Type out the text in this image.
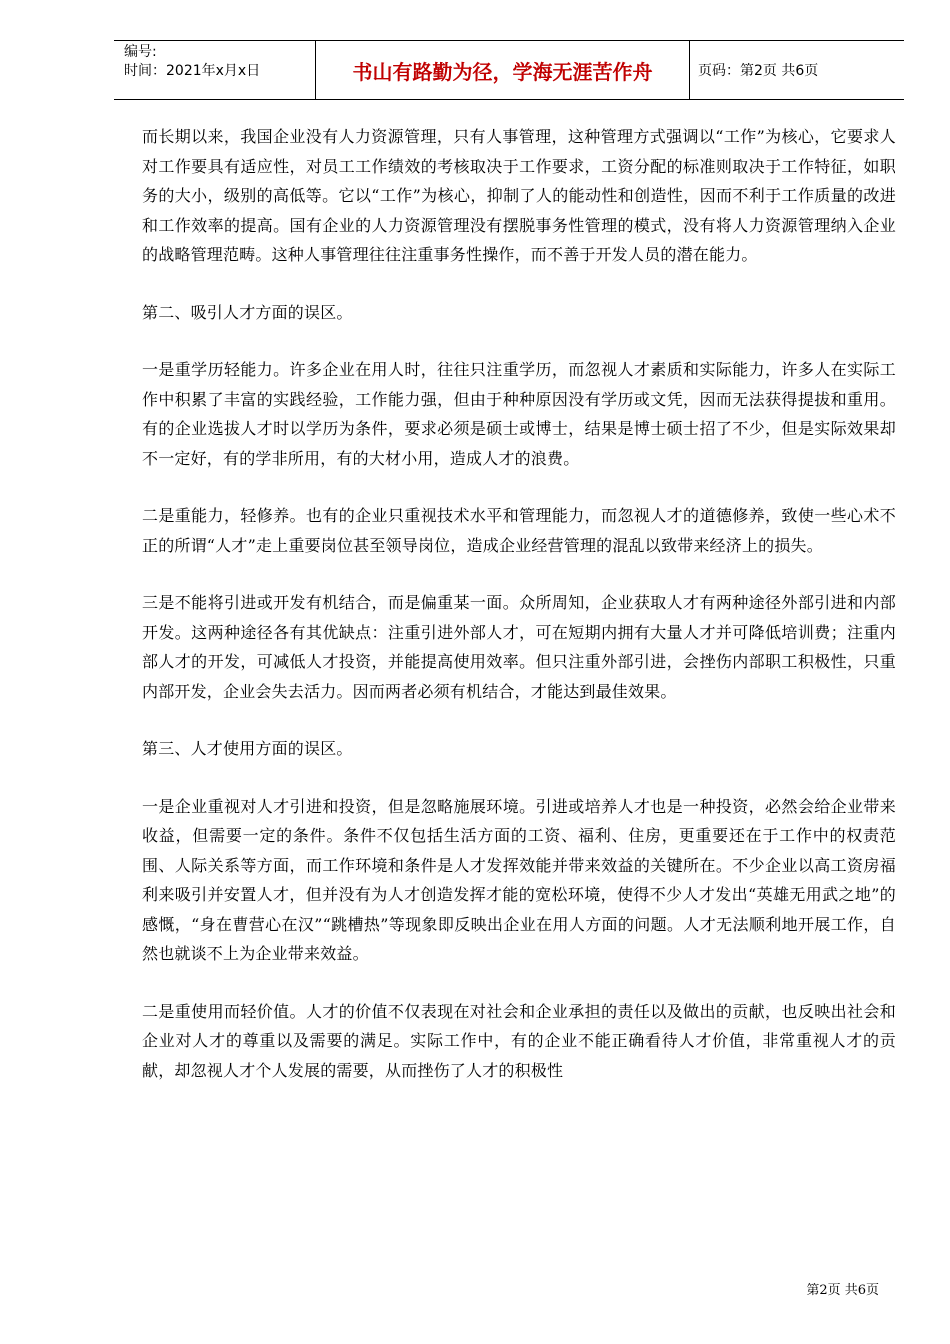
编号:
时间：2021年x月x日	书山有路勤为径，学海无涯苦作舟	页码：第2页 共6页

而长期以来，我国企业没有人力资源管理，只有人事管理，这种管理方式强调以“工作”为核心，它要求人对工作要具有适应性，对员工工作绩效的考核取决于工作要求，工资分配的标准则取决于工作特征，如职务的大小，级别的高低等。它以“工作”为核心，抑制了人的能动性和创造性，因而不利于工作质量的改进和工作效率的提高。国有企业的人力资源管理没有摆脱事务性管理的模式，没有将人力资源管理纳入企业的战略管理范畴。这种人事管理往往注重事务性操作，而不善于开发人员的潜在能力。

第二、吸引人才方面的误区。

一是重学历轻能力。许多企业在用人时，往往只注重学历，而忽视人才素质和实际能力，许多人在实际工作中积累了丰富的实践经验，工作能力强，但由于种种原因没有学历或文凭，因而无法获得提拔和重用。有的企业选拔人才时以学历为条件，要求必须是硕士或博士，结果是博士硕士招了不少，但是实际效果却不一定好，有的学非所用，有的大材小用，造成人才的浪费。

二是重能力，轻修养。也有的企业只重视技术水平和管理能力，而忽视人才的道德修养，致使一些心术不正的所谓“人才”走上重要岗位甚至领导岗位，造成企业经营管理的混乱以致带来经济上的损失。

三是不能将引进或开发有机结合，而是偏重某一面。众所周知，企业获取人才有两种途径外部引进和内部开发。这两种途径各有其优缺点：注重引进外部人才，可在短期内拥有大量人才并可降低培训费；注重内部人才的开发，可减低人才投资，并能提高使用效率。但只注重外部引进，会挫伤内部职工积极性，只重内部开发，企业会失去活力。因而两者必须有机结合，才能达到最佳效果。

第三、人才使用方面的误区。

一是企业重视对人才引进和投资，但是忽略施展环境。引进或培养人才也是一种投资，必然会给企业带来收益，但需要一定的条件。条件不仅包括生活方面的工资、福利、住房，更重要还在于工作中的权责范围、人际关系等方面，而工作环境和条件是人才发挥效能并带来效益的关键所在。不少企业以高工资房福利来吸引并安置人才，但并没有为人才创造发挥才能的宽松环境，使得不少人才发出“英雄无用武之地”的感慨，“身在曹营心在汉”“跳槽热”等现象即反映出企业在用人方面的问题。人才无法顺利地开展工作，自然也就谈不上为企业带来效益。

二是重使用而轻价值。人才的价值不仅表现在对社会和企业承担的责任以及做出的贡献，也反映出社会和企业对人才的尊重以及需要的满足。实际工作中，有的企业不能正确看待人才价值，非常重视人才的贡献，却忽视人才个人发展的需要，从而挫伤了人才的积极性

第2页 共6页
